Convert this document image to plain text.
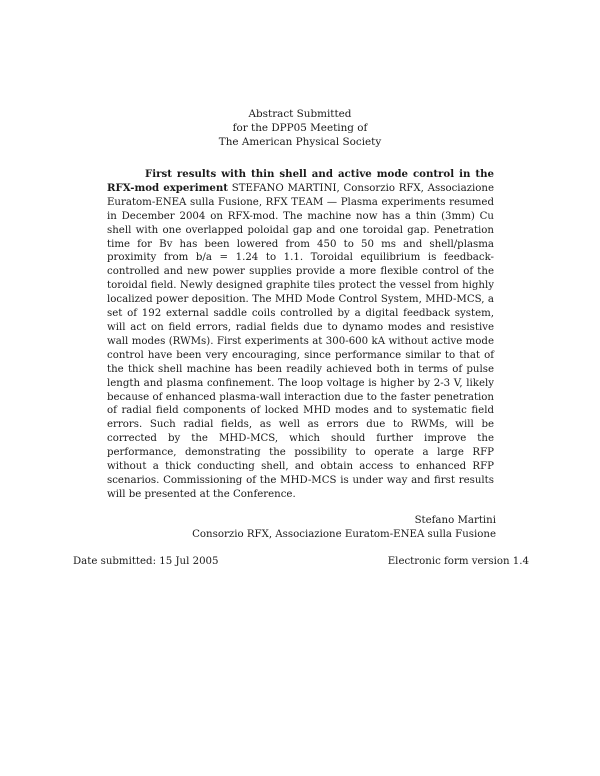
Abstract Submitted
for the DPP05 Meeting of
The American Physical Society
First results with thin shell and active mode control in the RFX-mod experiment STEFANO MARTINI, Consorzio RFX, Associazione Euratom-ENEA sulla Fusione, RFX TEAM — Plasma experiments resumed in December 2004 on RFX-mod. The machine now has a thin (3mm) Cu shell with one overlapped poloidal gap and one toroidal gap. Penetration time for Bv has been lowered from 450 to 50 ms and shell/plasma proximity from b/a = 1.24 to 1.1. Toroidal equilibrium is feedback-controlled and new power supplies provide a more flexible control of the toroidal field. Newly designed graphite tiles protect the vessel from highly localized power deposition. The MHD Mode Control System, MHD-MCS, a set of 192 external saddle coils controlled by a digital feedback system, will act on field errors, radial fields due to dynamo modes and resistive wall modes (RWMs). First experiments at 300-600 kA without active mode control have been very encouraging, since performance similar to that of the thick shell machine has been readily achieved both in terms of pulse length and plasma confinement. The loop voltage is higher by 2-3 V, likely because of enhanced plasma-wall interaction due to the faster penetration of radial field components of locked MHD modes and to systematic field errors. Such radial fields, as well as errors due to RWMs, will be corrected by the MHD-MCS, which should further improve the performance, demonstrating the possibility to operate a large RFP without a thick conducting shell, and obtain access to enhanced RFP scenarios. Commissioning of the MHD-MCS is under way and first results will be presented at the Conference.
Stefano Martini
Consorzio RFX, Associazione Euratom-ENEA sulla Fusione
Date submitted: 15 Jul 2005	Electronic form version 1.4
